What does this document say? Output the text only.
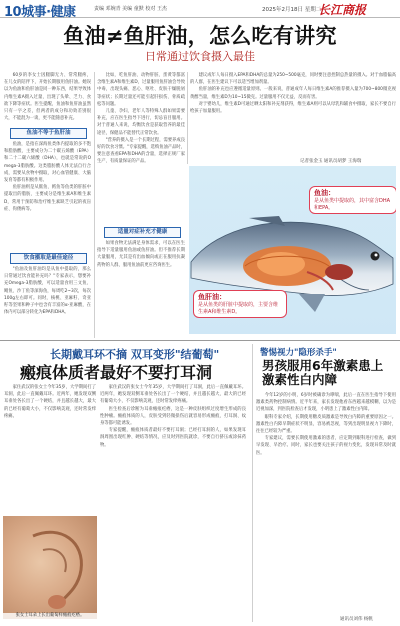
10城事·健康	责编 邓婉青 美编 童默 校对 王杰	2025年2月18日 星期二
长江商报
鱼油≠鱼肝油，怎么吃有讲究
日常通过饮食摄入最佳

60岁的李女士因腿脚无力、常常腿疼，在儿女的陪伴下，开始长期服用鱼肝油。她误以为鱼油和鱼肝油是同一种东西，结果导致体内维生素A摄入过量，出现了头晕、乏力、食欲下降等症状。医生提醒，鱼油和鱼肝油虽然只有一字之差，但两者的成分和功效差别很大，不能混为一谈，更不能随意补充。

鱼油不等于鱼肝油

鱼油，是指在深海鱼类体内提取的多不饱和脂肪酸，主要成分为二十碳五烯酸（EPA）和二十二碳六烯酸（DHA），也就是常说的Omega-3脂肪酸。这类脂肪酸人体无法自行合成，需要从食物中摄取，对心血管健康、大脑发育等都有积极作用。

鱼肝油则是从鲨鱼、鳕鱼等鱼类的肝脏中提取出的脂肪，主要成分是维生素A和维生素D，常用于预防和治疗维生素缺乏引起的夜盲症、佝偻病等。

饮食摄取是最佳途径

"鱼油及鱼肝油均是从鱼中提取的，那么日常通过饮食能补充吗？"专家表示，想要补充Omega-3脂肪酸，可以适量食用三文鱼、鲭鱼、沙丁鱼等深海鱼，每周吃2~3次，每次100g左右即可。同时，核桃、亚麻籽、奇亚籽等坚果和种子中也含有丰富的α-亚麻酸，在体内可以部分转化为EPA和DHA。

比如，吃鱼肝油、动物肝脏、蛋黄等都富含维生素A和维生素D，过量服用鱼肝油会导致中毒，出现头痛、恶心、呕吐、皮肤干燥脱屑等症状；长期过量还可能引起肝损伤、骨质疏松等问题。

儿童、孕妇、老年人等特殊人群如果需要补充，应在医生指导下进行，切忌盲目服用。对于普通人来说，均衡饮食是获取营养的最佳途径，保健品不能替代正常饮食。

"营养的摄入是一个长期过程，需要养成良好的饮食习惯。"专家提醒，选购鱼油产品时，要注意查看EPA和DHA的含量，选择正规厂家生产、有质量保证的产品。

适量对症补充才健康

如果食物无法满足身体需求，可以在医生指导下适量服用鱼油或鱼肝油。但不推荐长期大量服用，尤其是有出血倾向或正在服用抗凝药物的人群，服用鱼油前更应咨询医生。

建议成年人每日摄入EPA和DHA的总量为250~500毫克，同时要注意控制总热量的摄入。对于血脂偏高的人群，在医生建议下可以适当增加剂量。

鱼肝油的补充也应遵循适量原则。一般来说，普通成年人每日维生素A的推荐摄入量为700~800微克视黄醇当量，维生素D为10~15微克。过量服用不仅无益，反而有害。

对于婴幼儿，维生素D可通过晒太阳和补充剂获得，维生素A则可以从母乳和辅食中摄取，家长不要自行给孩子加量服用。

记者张金玉 通讯员胡梦 王海瑞
鱼油：
是从鱼类中提取的，其中富含DHA和EPA。
鱼肝油：
是从鱼类的肝脏中提取的，主要含维生素A和维生素D。
长期戴耳环不摘 双耳变形"结葡萄"
瘢痕体质者最好不要打耳洞

家住武汉的张女士今年35岁，大学期间打了耳洞，此后一直佩戴耳环。近两年，她发现双侧耳垂处各长出了一个硬结，并且越长越大，最大的已经有葡萄大小，不仅影响美观，还时常发痒疼痛。

医生检查后诊断为耳垂瘢痕疙瘩，这是一种皮肤组织过度增生形成的良性肿瘤。瘢痕体质的人，皮肤受到轻微损伤后就容易形成瘢痕，打耳洞、纹身等都可能诱发。

专家提醒，瘢痕体质者最好不要打耳洞；已经打耳洞的人，如果发现耳洞周围出现红肿、硬结等情况，应及时到医院就诊，不要自行挤压或涂抹药物。

张女士耳朵上长出葡萄样瘢痕疙瘩。

家住武汉的张女士今年35岁，大学期间打了耳洞，此后一直佩戴耳环。近两年，她发现双侧耳垂处各长出了一个硬结，并且越长越大，最大的已经有葡萄大小，不仅影响美观，还时常发痒疼痛。

警惕视力"隐形杀手"
男孩服用6年激素患上激素性白内障

今年12岁的小明，6岁时被确诊为哮喘，此后一直在医生指导下使用激素类药物控制病情。近半年来，家长发现他看东西越来越模糊，以为是近视加深，到医院检查后才发现，小明患上了激素性白内障。

眼科专家介绍，长期使用糖皮质激素是导致白内障的重要原因之一。激素性白内障早期症状不明显，容易被忽视，等到出现明显视力下降时，往往已经较为严重。

专家建议，需要长期使用激素的患者，应定期到眼科进行检查，做到早发现、早治疗。同时，家长也要关注孩子的视力变化，发现异常及时就医。

通讯员刘伟 杨帆
